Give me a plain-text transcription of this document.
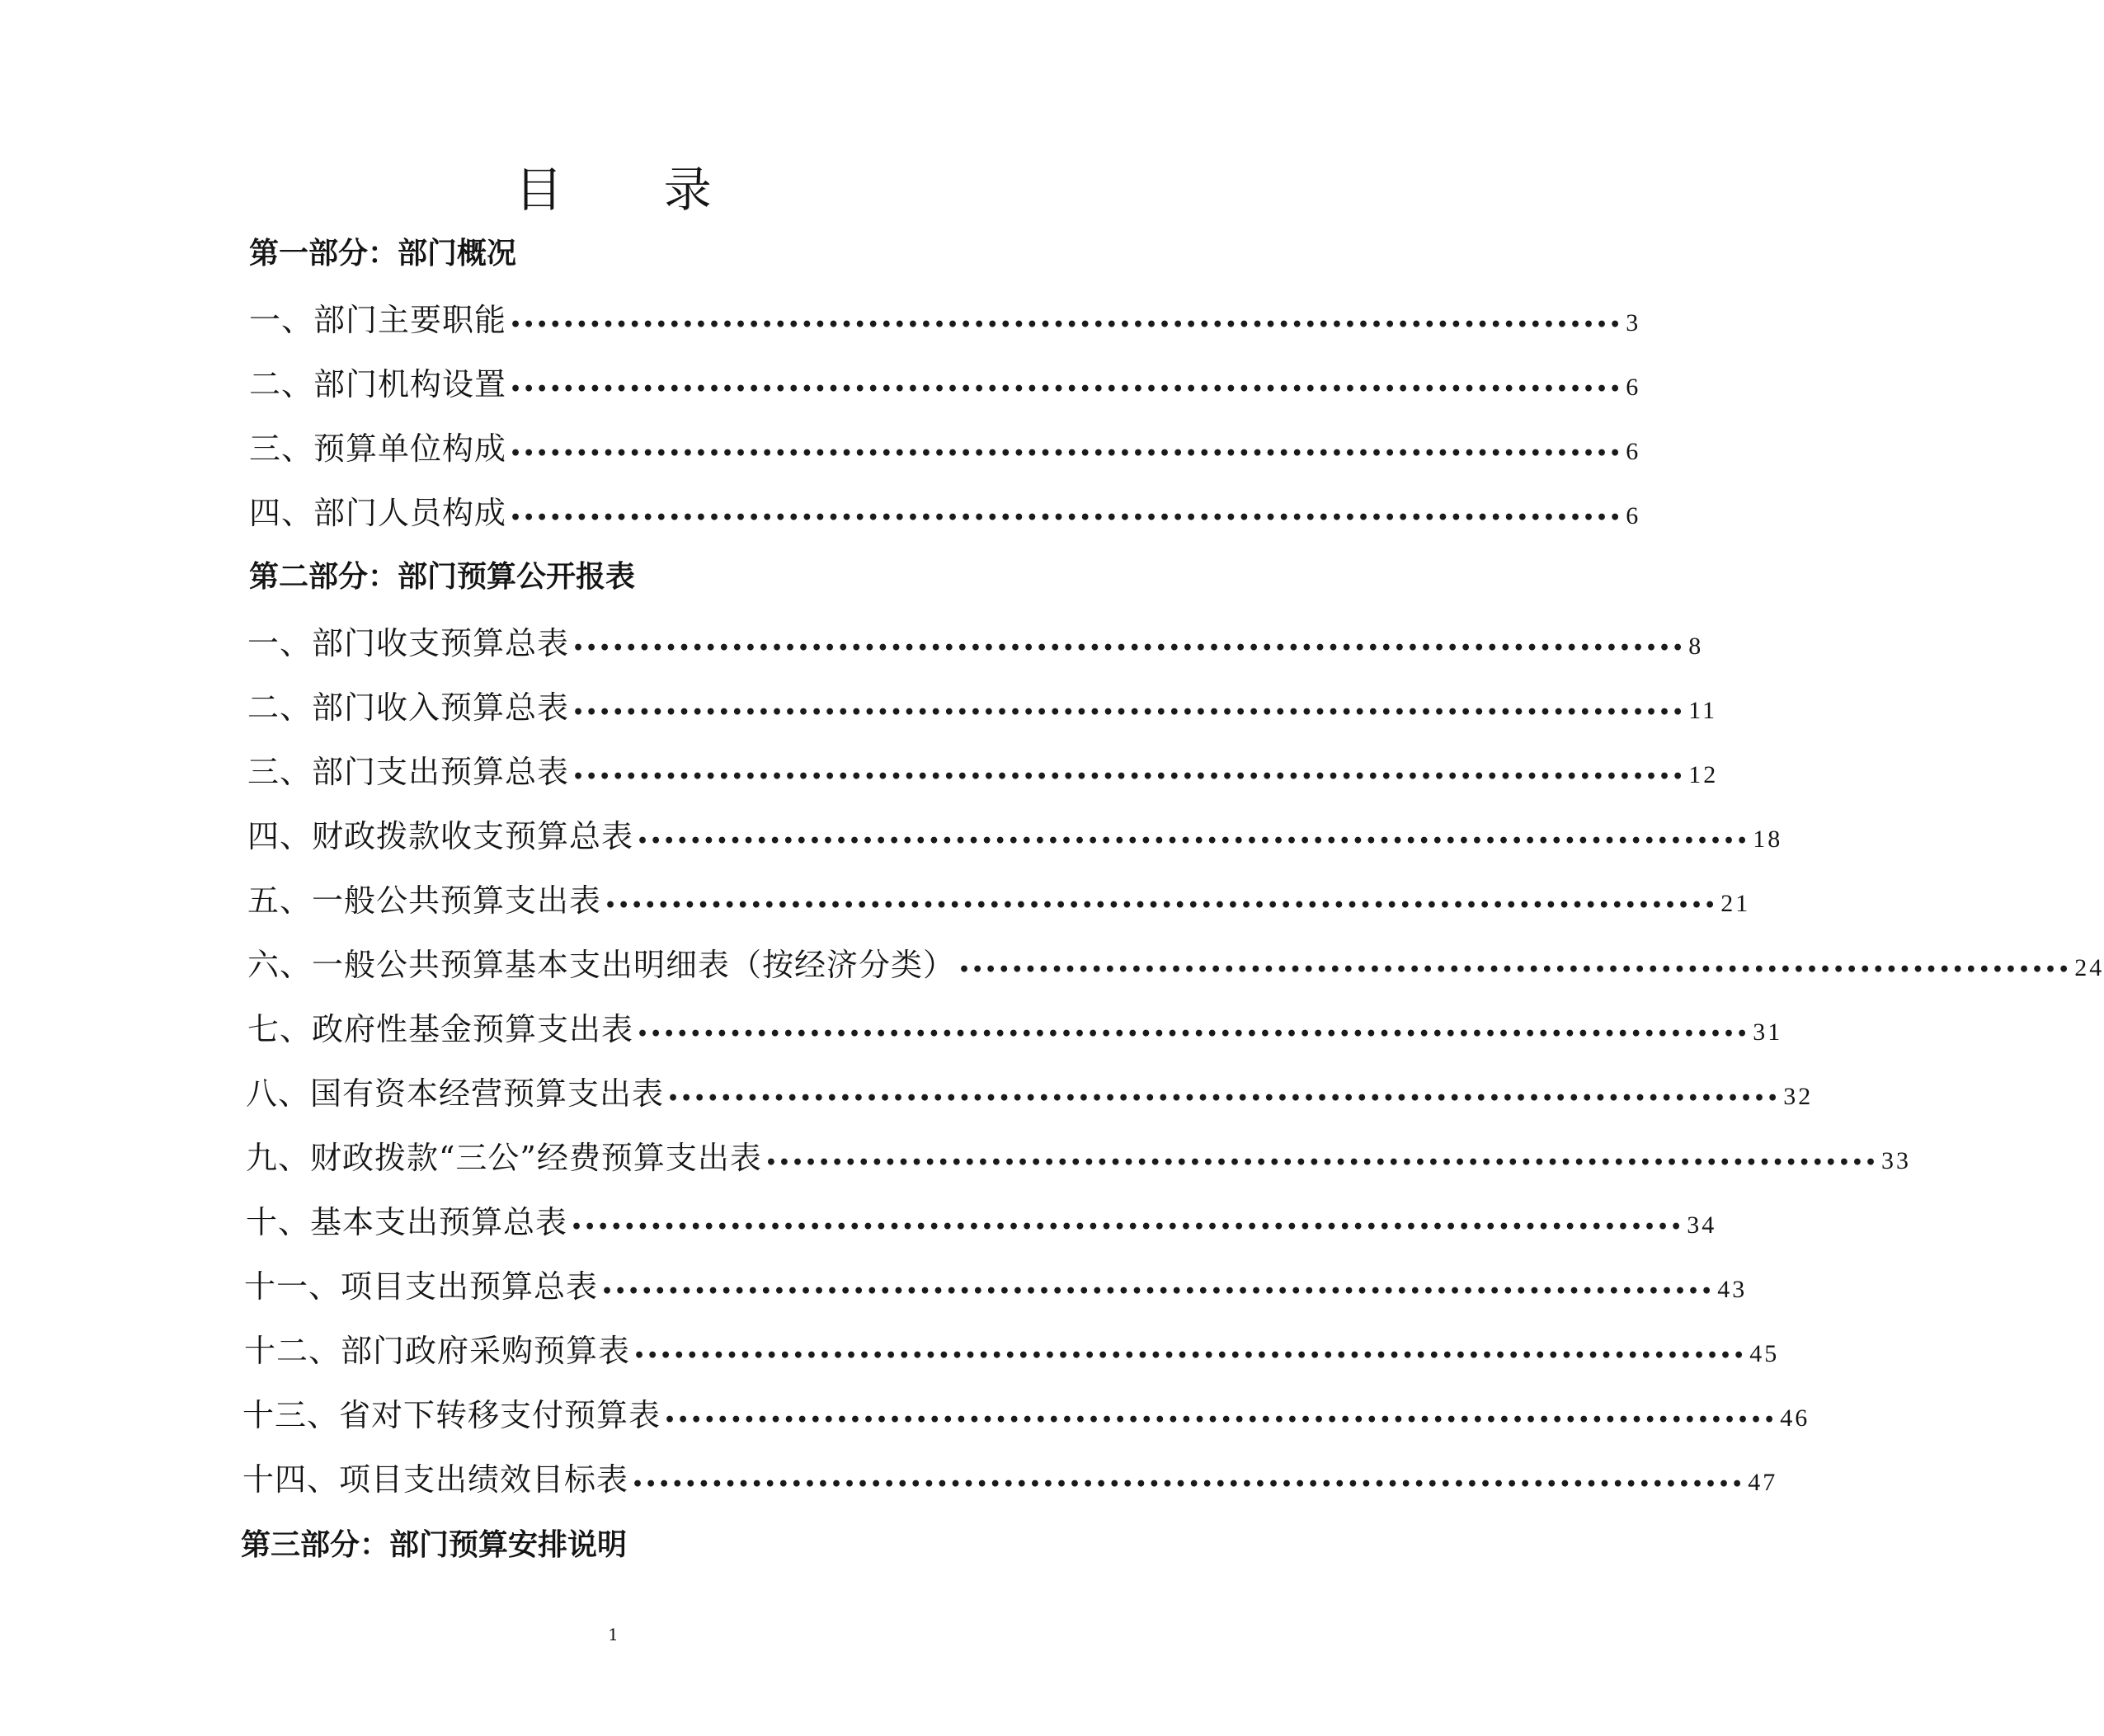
目 录
第一部分：部门概况
一、部门主要职能 •••••••••••••••••••••••••••••••••••••••••••••••••••••••••••••••••••••••••••••••••••• 3
二、部门机构设置 •••••••••••••••••••••••••••••••••••••••••••••••••••••••••••••••••••••••••••••••••••• 6
三、预算单位构成 •••••••••••••••••••••••••••••••••••••••••••••••••••••••••••••••••••••••••••••••••••• 6
四、部门人员构成 •••••••••••••••••••••••••••••••••••••••••••••••••••••••••••••••••••••••••••••••••••• 6
第二部分：部门预算公开报表
一、部门收支预算总表 •••••••••••••••••••••••••••••••••••••••••••••••••••••••••••••••••••••••••••••••••••• 8
二、部门收入预算总表 •••••••••••••••••••••••••••••••••••••••••••••••••••••••••••••••••••••••••••••••••••• 11
三、部门支出预算总表 •••••••••••••••••••••••••••••••••••••••••••••••••••••••••••••••••••••••••••••••••••• 12
四、财政拨款收支预算总表 •••••••••••••••••••••••••••••••••••••••••••••••••••••••••••••••••••••••••••••••••••• 18
五、一般公共预算支出表 •••••••••••••••••••••••••••••••••••••••••••••••••••••••••••••••••••••••••••••••••••• 21
六、一般公共预算基本支出明细表（按经济分类） •••••••••••••••••••••••••••••••••••••••••••••••••••••••••••••••••••••••••••••••••••• 24
七、政府性基金预算支出表 •••••••••••••••••••••••••••••••••••••••••••••••••••••••••••••••••••••••••••••••••••• 31
八、国有资本经营预算支出表 •••••••••••••••••••••••••••••••••••••••••••••••••••••••••••••••••••••••••••••••••••• 32
九、财政拨款“三公”经费预算支出表 •••••••••••••••••••••••••••••••••••••••••••••••••••••••••••••••••••••••••••••••••••• 33
十、基本支出预算总表 •••••••••••••••••••••••••••••••••••••••••••••••••••••••••••••••••••••••••••••••••••• 34
十一、项目支出预算总表 •••••••••••••••••••••••••••••••••••••••••••••••••••••••••••••••••••••••••••••••••••• 43
十二、部门政府采购预算表 •••••••••••••••••••••••••••••••••••••••••••••••••••••••••••••••••••••••••••••••••••• 45
十三、省对下转移支付预算表 •••••••••••••••••••••••••••••••••••••••••••••••••••••••••••••••••••••••••••••••••••• 46
十四、项目支出绩效目标表 •••••••••••••••••••••••••••••••••••••••••••••••••••••••••••••••••••••••••••••••••••• 47
第三部分：部门预算安排说明
1
